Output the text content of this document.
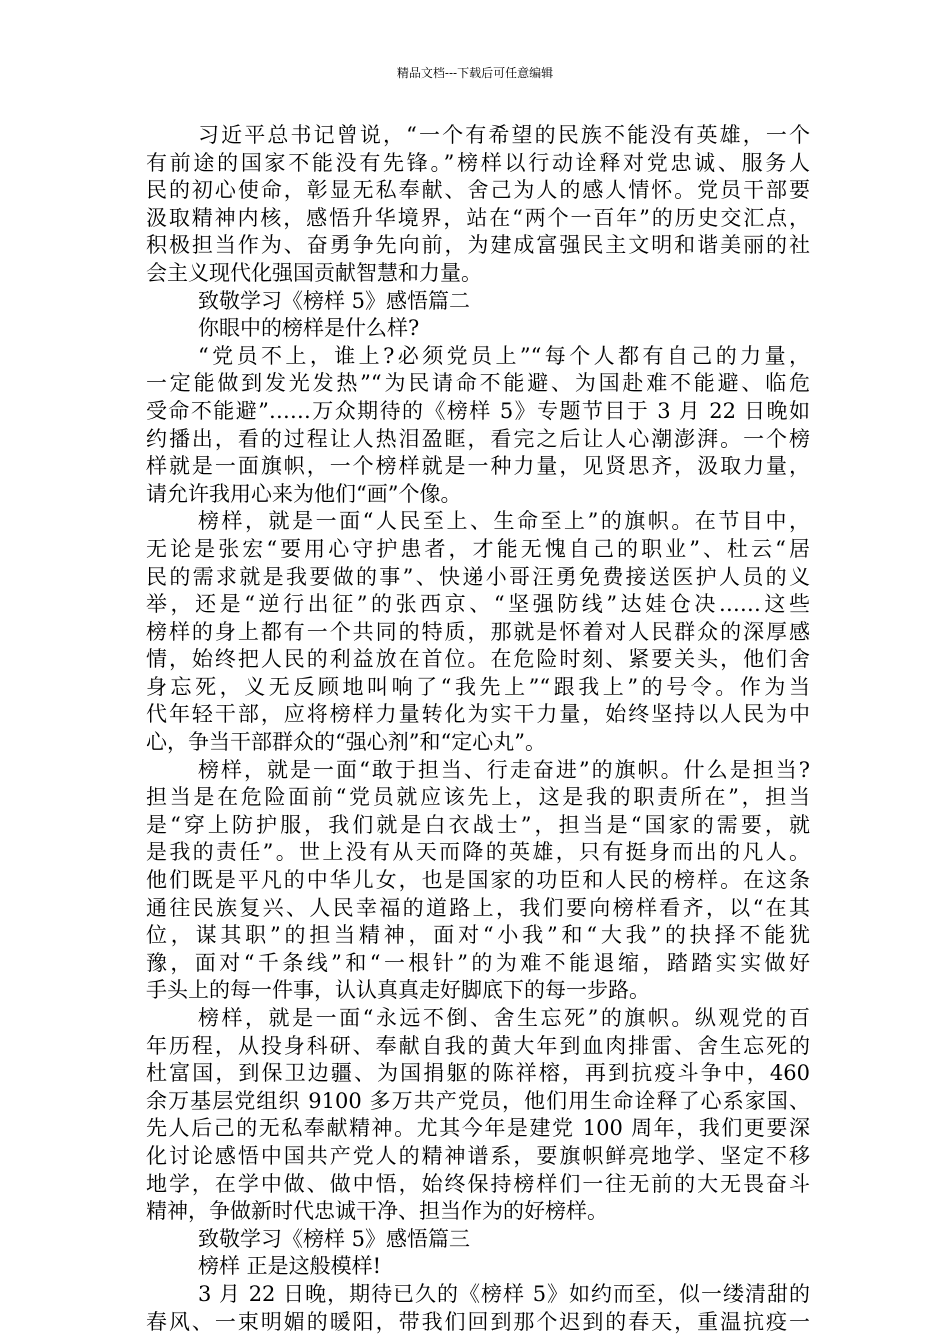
精品文档---下载后可任意编辑
习近平总书记曾说，“一个有希望的民族不能没有英雄，一个
有前途的国家不能没有先锋。”榜样以行动诠释对党忠诚、服务人
民的初心使命，彰显无私奉献、舍己为人的感人情怀。党员干部要
汲取精神内核，感悟升华境界，站在“两个一百年”的历史交汇点，
积极担当作为、奋勇争先向前，为建成富强民主文明和谐美丽的社
会主义现代化强国贡献智慧和力量。
致敬学习《榜样 5》感悟篇二
你眼中的榜样是什么样?
“党员不上，谁上?必须党员上”“每个人都有自己的力量，
一定能做到发光发热”“为民请命不能避、为国赴难不能避、临危
受命不能避”……万众期待的《榜样 5》专题节目于 3 月 22 日晚如
约播出，看的过程让人热泪盈眶，看完之后让人心潮澎湃。一个榜
样就是一面旗帜，一个榜样就是一种力量，见贤思齐，汲取力量，
请允许我用心来为他们“画”个像。
榜样，就是一面“人民至上、生命至上”的旗帜。在节目中，
无论是张宏“要用心守护患者，才能无愧自己的职业”、杜云“居
民的需求就是我要做的事”、快递小哥汪勇免费接送医护人员的义
举，还是“逆行出征”的张西京、“坚强防线”达娃仓决……这些
榜样的身上都有一个共同的特质，那就是怀着对人民群众的深厚感
情，始终把人民的利益放在首位。在危险时刻、紧要关头，他们舍
身忘死，义无反顾地叫响了“我先上”“跟我上”的号令。作为当
代年轻干部，应将榜样力量转化为实干力量，始终坚持以人民为中
心，争当干部群众的“强心剂”和“定心丸”。
榜样，就是一面“敢于担当、行走奋进”的旗帜。什么是担当?
担当是在危险面前“党员就应该先上，这是我的职责所在”，担当
是“穿上防护服，我们就是白衣战士”，担当是“国家的需要，就
是我的责任”。世上没有从天而降的英雄，只有挺身而出的凡人。
他们既是平凡的中华儿女，也是国家的功臣和人民的榜样。在这条
通往民族复兴、人民幸福的道路上，我们要向榜样看齐，以“在其
位，谋其职”的担当精神，面对“小我”和“大我”的抉择不能犹
豫，面对“千条线”和“一根针”的为难不能退缩，踏踏实实做好
手头上的每一件事，认认真真走好脚底下的每一步路。
榜样，就是一面“永远不倒、舍生忘死”的旗帜。纵观党的百
年历程，从投身科研、奉献自我的黄大年到血肉排雷、舍生忘死的
杜富国，到保卫边疆、为国捐躯的陈祥榕，再到抗疫斗争中，460
余万基层党组织 9100 多万共产党员，他们用生命诠释了心系家国、
先人后己的无私奉献精神。尤其今年是建党 100 周年，我们更要深
化讨论感悟中国共产党人的精神谱系，要旗帜鲜亮地学、坚定不移
地学，在学中做、做中悟，始终保持榜样们一往无前的大无畏奋斗
精神，争做新时代忠诚干净、担当作为的好榜样。
致敬学习《榜样 5》感悟篇三
榜样 正是这般模样!
3 月 22 日晚，期待已久的《榜样 5》如约而至，似一缕清甜的
春风、一束明媚的暖阳，带我们回到那个迟到的春天，重温抗疫一
